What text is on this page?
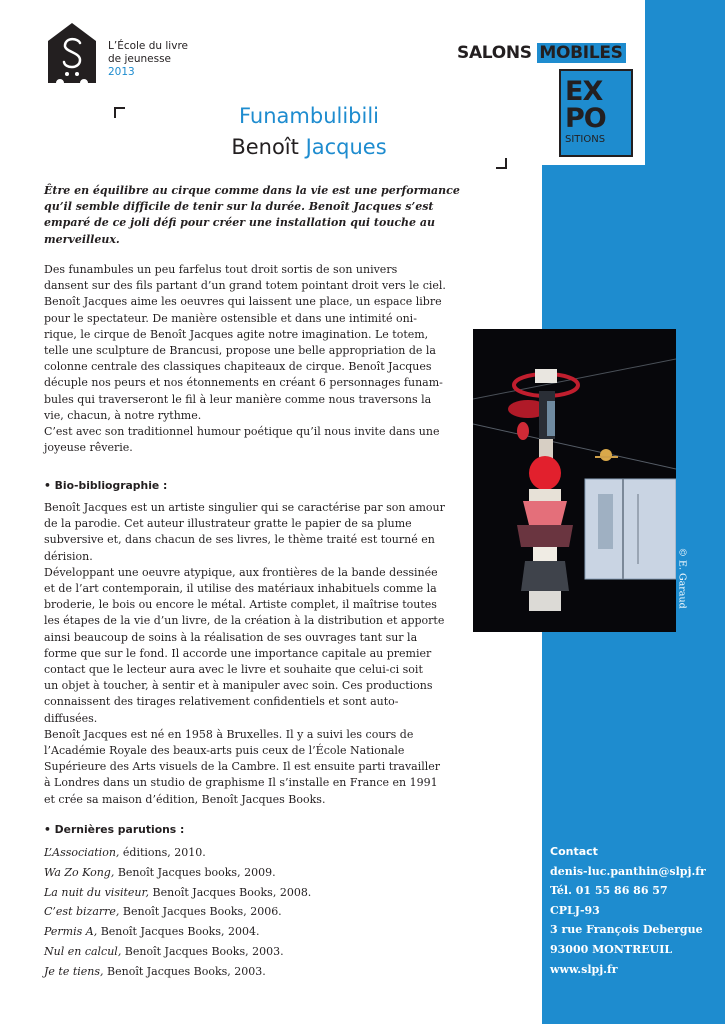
L’École du livre
de jeunesse
2013
SALONS MOBILES
EX
PO
SITIONS
Funambulibili
Benoît Jacques
Être en équilibre au cirque comme dans la vie est une performance qu’il semble difficile de tenir sur la durée. Benoît Jacques s’est emparé de ce joli défi pour créer une installation qui touche au merveilleux.
Des funambules un peu farfelus tout droit sortis de son univers
dansent sur des fils partant d’un grand totem pointant droit vers le ciel.
Benoît Jacques aime les oeuvres qui laissent une place, un espace libre
pour le spectateur. De manière ostensible et dans une intimité oni-
rique, le cirque de Benoît Jacques agite notre imagination. Le totem,
telle une sculpture de Brancusi, propose une belle appropriation de la
colonne centrale des classiques chapiteaux de cirque. Benoît Jacques
décuple nos peurs et nos étonnements en créant 6 personnages funam-
bules qui traverseront le fil à leur manière comme nous traversons la
vie, chacun, à notre rythme.
C’est avec son traditionnel humour poétique qu’il nous invite dans une
joyeuse rêverie.
• Bio-bibliographie :
Benoît Jacques est un artiste singulier qui se caractérise par son amour
de la parodie. Cet auteur illustrateur gratte le papier de sa plume
subversive et, dans chacun de ses livres, le thème traité est tourné en
dérision.
Développant une oeuvre atypique, aux frontières de la bande dessinée
et de l’art contemporain, il utilise des matériaux inhabituels comme la
broderie, le bois ou encore le métal. Artiste complet, il maîtrise toutes
les étapes de la vie d’un livre, de la création à la distribution et apporte
ainsi beaucoup de soins à la réalisation de ses ouvrages tant sur la
forme que sur le fond. Il accorde une importance capitale au premier
contact que le lecteur aura avec le livre et souhaite que celui-ci soit
un objet à toucher, à sentir et à manipuler avec soin. Ces productions
connaissent des tirages relativement confidentiels et sont auto-
diffusées.
Benoît Jacques est né en 1958 à Bruxelles. Il y a suivi les cours de
l’Académie Royale des beaux-arts puis ceux de l’École Nationale
Supérieure des Arts visuels de la Cambre. Il est ensuite parti travailler
à Londres dans un studio de graphisme Il s’installe en France en 1991
et crée sa maison d’édition, Benoît Jacques Books.
• Dernières parutions :
L’Association, éditions, 2010.
Wa Zo Kong, Benoît Jacques books, 2009.
La nuit du visiteur, Benoît Jacques Books, 2008.
C’est bizarre, Benoît Jacques Books, 2006.
Permis A, Benoît Jacques Books, 2004.
Nul en calcul, Benoît Jacques Books, 2003.
Je te tiens, Benoît Jacques Books, 2003.
© E. Garaud
Contact
denis-luc.panthin@slpj.fr
Tél. 01 55 86 86 57
CPLJ-93
3 rue François Debergue
93000 MONTREUIL
www.slpj.fr
